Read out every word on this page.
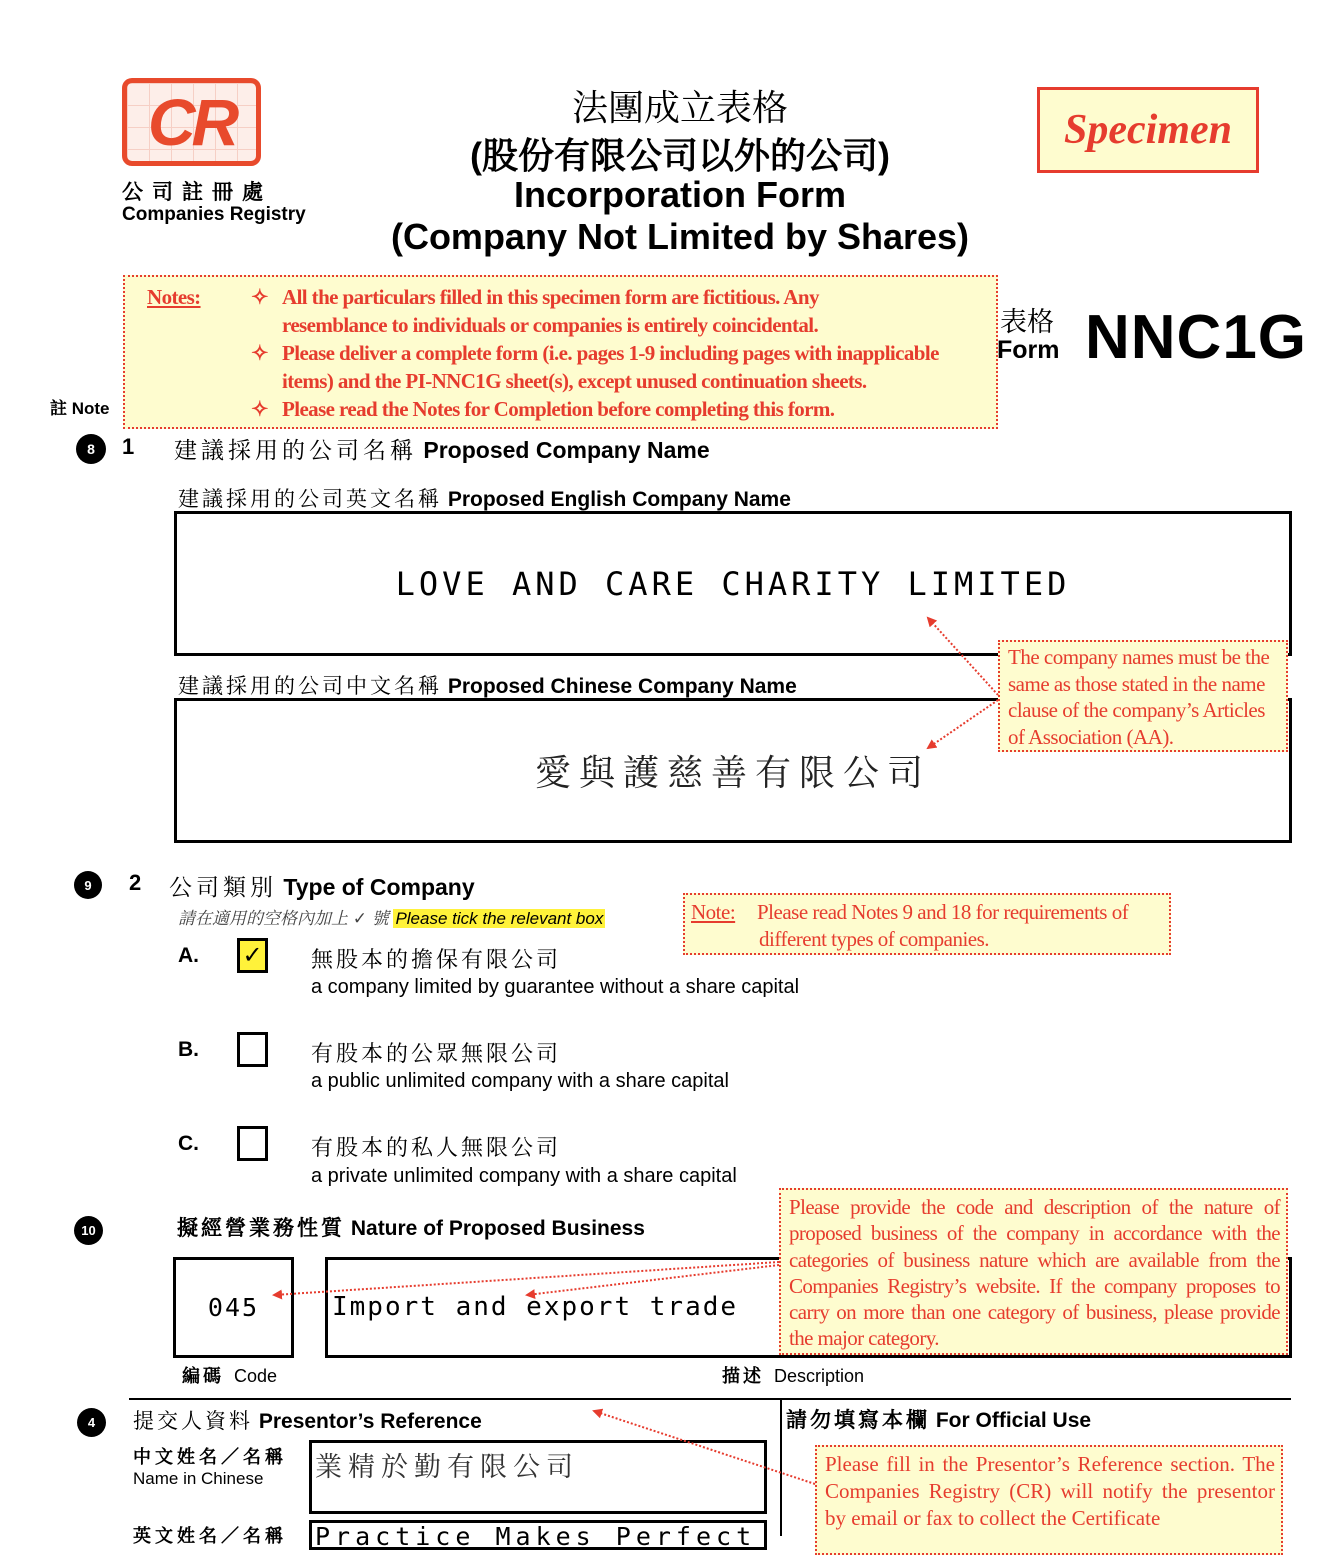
CR
公司註冊處
Companies Registry
法團成立表格
(股份有限公司以外的公司)
Incorporation Form
(Company Not Limited by Shares)
Specimen
Notes: ✧ All the particulars filled in this specimen form are fictitious. Any
resemblance to individuals or companies is entirely coincidental.
✧ Please deliver a complete form (i.e. pages 1-9 including pages with inapplicable
items) and the PI-NNC1G sheet(s), except unused continuation sheets.
✧ Please read the Notes for Completion before completing this form.
表格
Form NNC1G
註 Note
8	1 建議採用的公司名稱 Proposed Company Name
建議採用的公司英文名稱 Proposed English Company Name
LOVE AND CARE CHARITY LIMITED
建議採用的公司中文名稱 Proposed Chinese Company Name
愛與護慈善有限公司
The company names must be the same as those stated in the name clause of the company’s Articles of Association (AA).
9	2 公司類別 Type of Company
請在適用的空格內加上 ✓ 號 Please tick the relevant box	Note: Please read Notes 9 and 18 for requirements of
different types of companies.
A. ✓ 無股本的擔保有限公司
a company limited by guarantee without a share capital
B.	有股本的公眾無限公司
a public unlimited company with a share capital
C.	有股本的私人無限公司
a private unlimited company with a share capital
10	擬經營業務性質 Nature of Proposed Business
045	Import and export trade
編碼 Code	描述 Description
Please provide the code and description of the nature of proposed business of the company in accordance with the categories of business nature which are available from the Companies Registry’s website. If the company proposes to carry on more than one category of business, please provide the major category.
4	提交人資料 Presentor’s Reference
中文姓名／名稱
Name in Chinese	業精於勤有限公司
英文姓名／名稱 Practice Makes Perfect
請勿填寫本欄 For Official Use
Please fill in the Presentor’s Reference section. The Companies Registry (CR) will notify the presentor by email or fax to collect the Certificate
